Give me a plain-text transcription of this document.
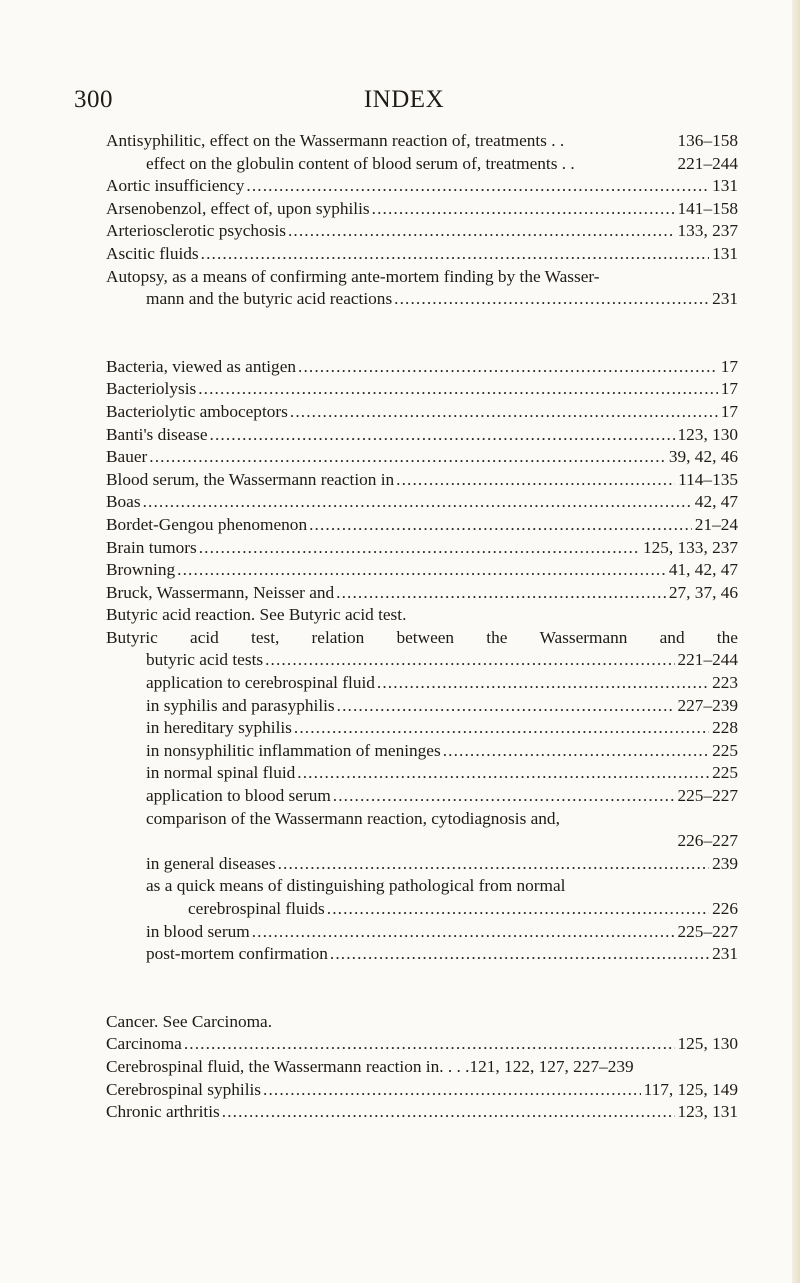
300	INDEX
Antisyphilitic, effect on the Wassermann reaction of, treatments . .	136–158
effect on the globulin content of blood serum of, treatments . .	221–244
Aortic insufficiency . . .	131
Arsenobenzol, effect of, upon syphilis . . .	141–158
Arteriosclerotic psychosis . . .	133, 237
Ascitic fluids . . .	131
Autopsy, as a means of confirming ante-mortem finding by the Wasser-
mann and the butyric acid reactions . . .	231
Bacteria, viewed as antigen . . .	17
Bacteriolysis . . .	17
Bacteriolytic amboceptors . . .	17
Banti's disease . . .	123, 130
Bauer . . .	39, 42, 46
Blood serum, the Wassermann reaction in . . .	114–135
Boas . . .	42, 47
Bordet-Gengou phenomenon . . .	21–24
Brain tumors . . .	125, 133, 237
Browning . . .	41, 42, 47
Bruck, Wassermann, Neisser and . . .	27, 37, 46
Butyric acid reaction. See Butyric acid test.
Butyric acid test, relation between the Wassermann and the
butyric acid tests . . .	221–244
application to cerebrospinal fluid . . .	223
in syphilis and parasyphilis . . .	227–239
in hereditary syphilis . . .	228
in nonsyphilitic inflammation of meninges . . .	225
in normal spinal fluid . . .	225
application to blood serum . . .	225–227
comparison of the Wassermann reaction, cytodiagnosis and,
226–227
in general diseases . . .	239
as a quick means of distinguishing pathological from normal
cerebrospinal fluids . . .	226
in blood serum . . .	225–227
post-mortem confirmation . . .	231
Cancer. See Carcinoma.
Carcinoma . . .	125, 130
Cerebrospinal fluid, the Wassermann reaction in. . . .121, 122, 127, 227–239
Cerebrospinal syphilis . . .	117, 125, 149
Chronic arthritis . . .	123, 131
